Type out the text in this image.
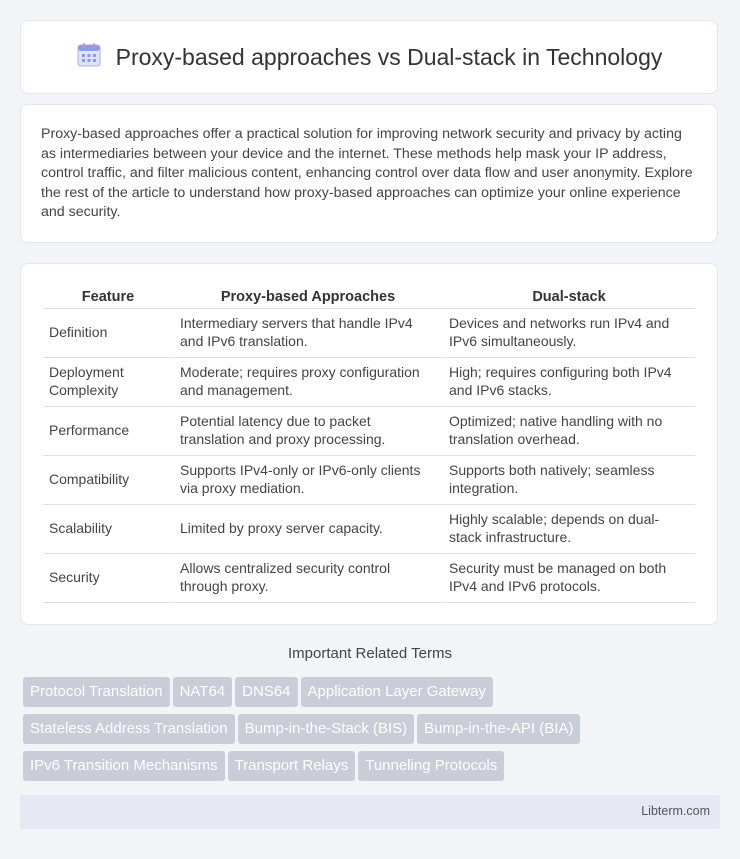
Proxy-based approaches vs Dual-stack in Technology

Proxy-based approaches offer a practical solution for improving network security and privacy by acting as intermediaries between your device and the internet. These methods help mask your IP address, control traffic, and filter malicious content, enhancing control over data flow and user anonymity. Explore the rest of the article to understand how proxy-based approaches can optimize your online experience and security.

Feature	Proxy-based Approaches	Dual-stack
Definition	Intermediary servers that handle IPv4 and IPv6 translation.	Devices and networks run IPv4 and IPv6 simultaneously.
Deployment Complexity	Moderate; requires proxy configuration and management.	High; requires configuring both IPv4 and IPv6 stacks.
Performance	Potential latency due to packet translation and proxy processing.	Optimized; native handling with no translation overhead.
Compatibility	Supports IPv4-only or IPv6-only clients via proxy mediation.	Supports both natively; seamless integration.
Scalability	Limited by proxy server capacity.	Highly scalable; depends on dual-stack infrastructure.
Security	Allows centralized security control through proxy.	Security must be managed on both IPv4 and IPv6 protocols.
Important Related Terms
Protocol Translation NAT64 DNS64 Application Layer Gateway
Stateless Address Translation Bump-in-the-Stack (BIS) Bump-in-the-API (BIA)
IPv6 Transition Mechanisms Transport Relays Tunneling Protocols
Libterm.com
